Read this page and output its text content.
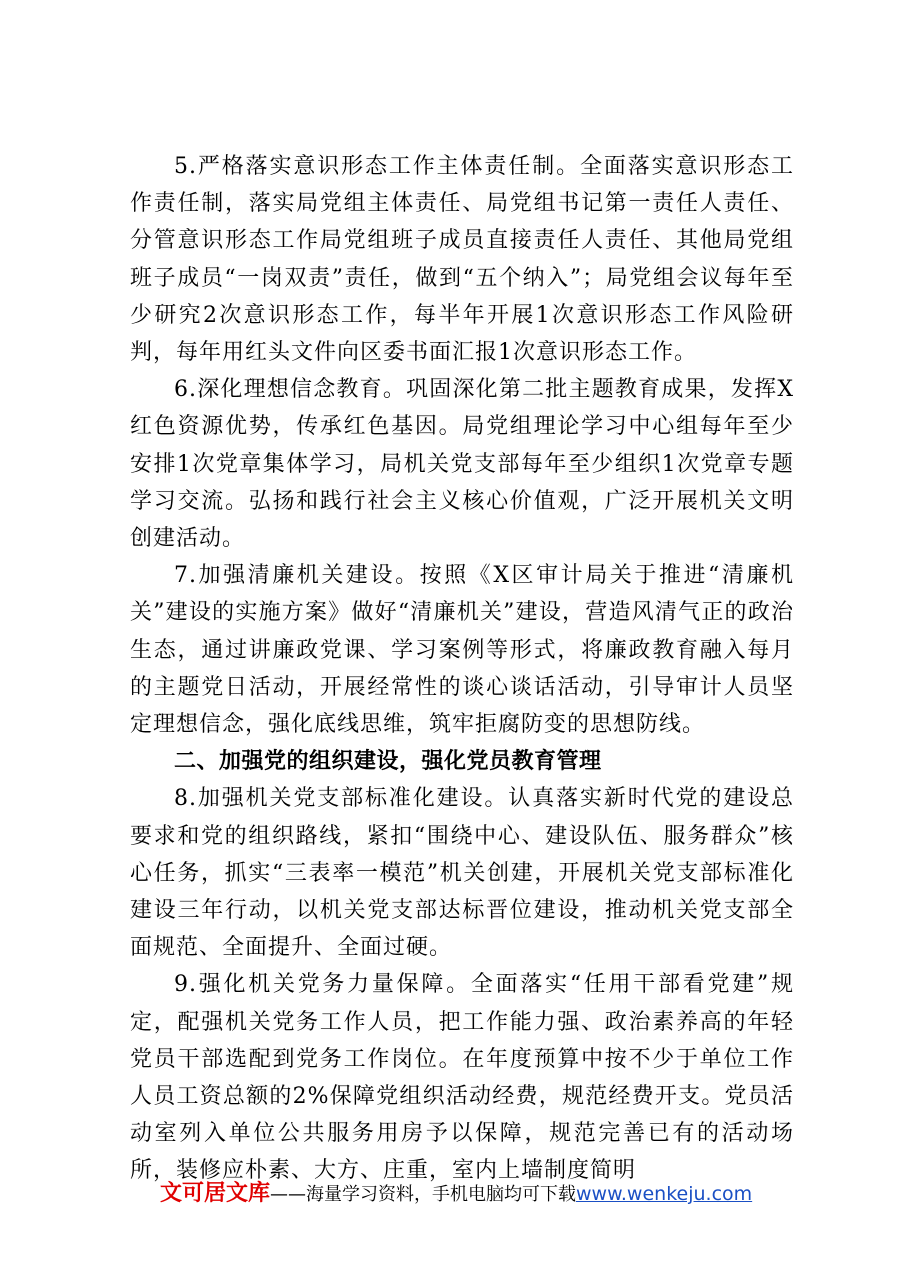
5.严格落实意识形态工作主体责任制。全面落实意识形态工作责任制，落实局党组主体责任、局党组书记第一责任人责任、分管意识形态工作局党组班子成员直接责任人责任、其他局党组班子成员“一岗双责”责任，做到“五个纳入”；局党组会议每年至少研究2次意识形态工作，每半年开展1次意识形态工作风险研判，每年用红头文件向区委书面汇报1次意识形态工作。

6.深化理想信念教育。巩固深化第二批主题教育成果，发挥X红色资源优势，传承红色基因。局党组理论学习中心组每年至少安排1次党章集体学习，局机关党支部每年至少组织1次党章专题学习交流。弘扬和践行社会主义核心价值观，广泛开展机关文明创建活动。

7.加强清廉机关建设。按照《X区审计局关于推进“清廉机关”建设的实施方案》做好“清廉机关”建设，营造风清气正的政治生态，通过讲廉政党课、学习案例等形式，将廉政教育融入每月的主题党日活动，开展经常性的谈心谈话活动，引导审计人员坚定理想信念，强化底线思维，筑牢拒腐防变的思想防线。

二、加强党的组织建设，强化党员教育管理

8.加强机关党支部标准化建设。认真落实新时代党的建设总要求和党的组织路线，紧扣“围绕中心、建设队伍、服务群众”核心任务，抓实“三表率一模范”机关创建，开展机关党支部标准化建设三年行动，以机关党支部达标晋位建设，推动机关党支部全面规范、全面提升、全面过硬。

9.强化机关党务力量保障。全面落实“任用干部看党建”规定，配强机关党务工作人员，把工作能力强、政治素养高的年轻党员干部选配到党务工作岗位。在年度预算中按不少于单位工作人员工资总额的2%保障党组织活动经费，规范经费开支。党员活动室列入单位公共服务用房予以保障，规范完善已有的活动场所，装修应朴素、大方、庄重，室内上墙制度简明

文可居文库——海量学习资料，手机电脑均可下载www.wenkeju.com
